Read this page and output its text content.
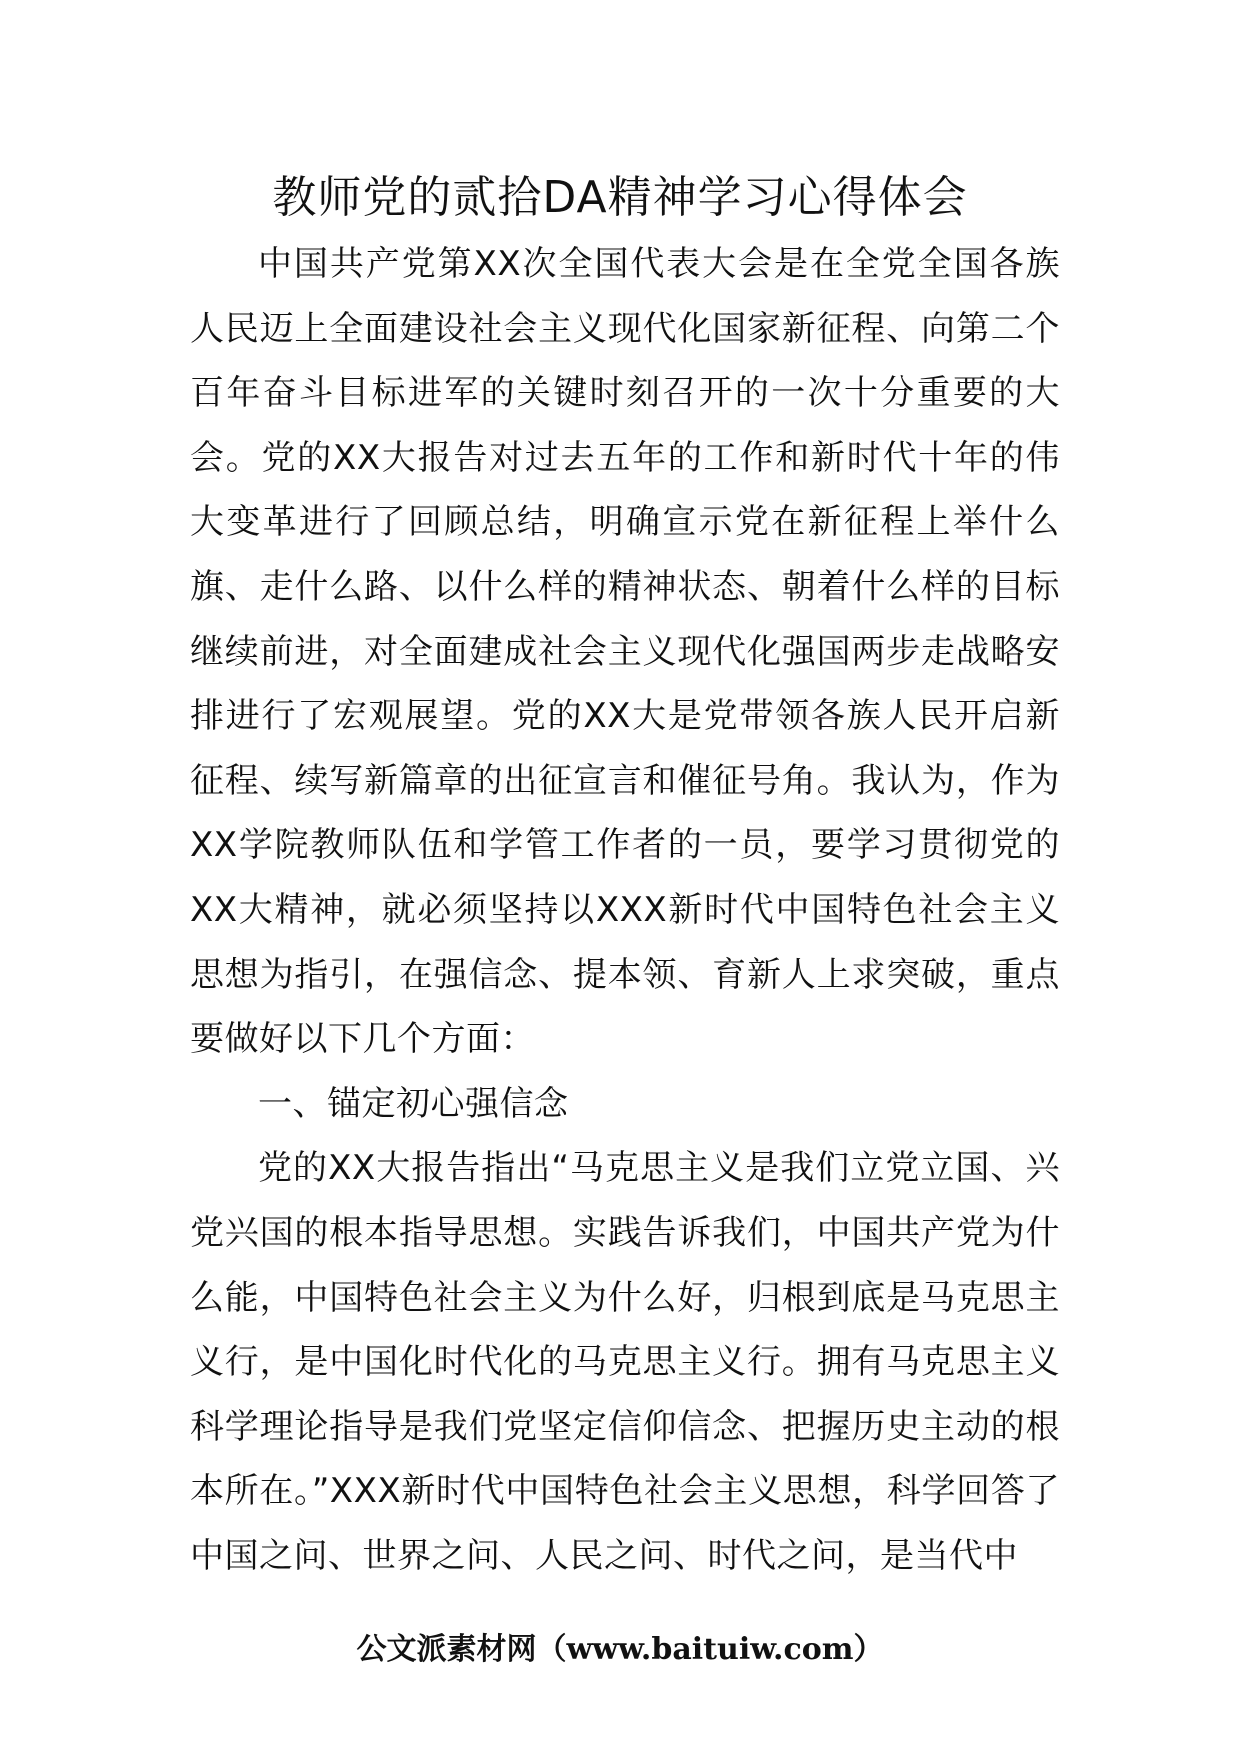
教师党的贰拾DA精神学习心得体会

中国共产党第XX次全国代表大会是在全党全国各族人民迈上全面建设社会主义现代化国家新征程、向第二个百年奋斗目标进军的关键时刻召开的一次十分重要的大会。党的XX大报告对过去五年的工作和新时代十年的伟大变革进行了回顾总结，明确宣示党在新征程上举什么旗、走什么路、以什么样的精神状态、朝着什么样的目标继续前进，对全面建成社会主义现代化强国两步走战略安排进行了宏观展望。党的XX大是党带领各族人民开启新征程、续写新篇章的出征宣言和催征号角。我认为，作为XX学院教师队伍和学管工作者的一员，要学习贯彻党的XX大精神，就必须坚持以XXX新时代中国特色社会主义思想为指引，在强信念、提本领、育新人上求突破，重点要做好以下几个方面：

一、锚定初心强信念

党的XX大报告指出“马克思主义是我们立党立国、兴党兴国的根本指导思想。实践告诉我们，中国共产党为什么能，中国特色社会主义为什么好，归根到底是马克思主义行，是中国化时代化的马克思主义行。拥有马克思主义科学理论指导是我们党坚定信仰信念、把握历史主动的根本所在。”XXX新时代中国特色社会主义思想，科学回答了中国之问、世界之问、人民之问、时代之问，是当代中

公文派素材网（www.baituiw.com）
